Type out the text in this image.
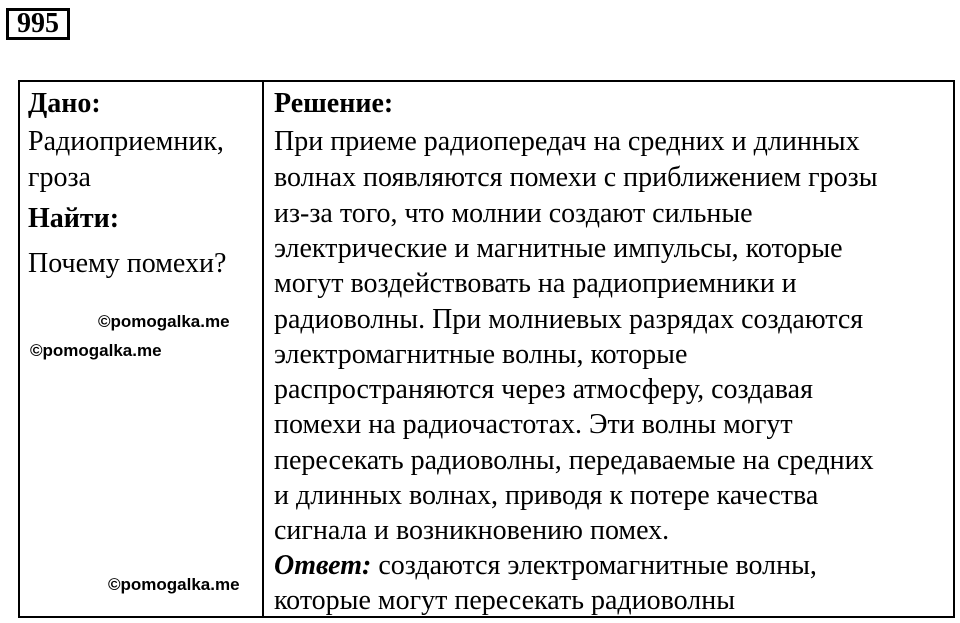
995
Дано:
Радиоприемник,
гроза
Найти:
Почему помехи?
©pomogalka.me
©pomogalka.me
©pomogalka.me
Решение:
При приеме радиопередач на средних и длинных
волнах появляются помехи с приближением грозы
из-за того, что молнии создают сильные
электрические и магнитные импульсы, которые
могут воздействовать на радиоприемники и
радиоволны. При молниевых разрядах создаются
электромагнитные волны, которые
распространяются через атмосферу, создавая
помехи на радиочастотах. Эти волны могут
пересекать радиоволны, передаваемые на средних
и длинных волнах, приводя к потере качества
сигнала и возникновению помех.
Ответ: создаются электромагнитные волны,
которые могут пересекать радиоволны
